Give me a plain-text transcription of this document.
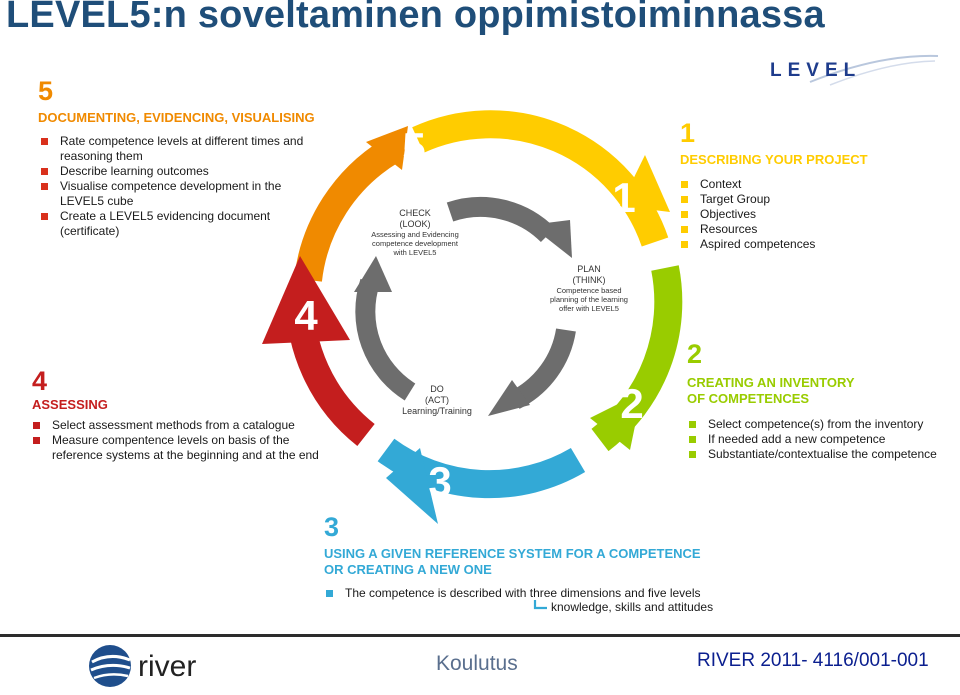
LEVEL5:n soveltaminen oppimistoiminnassa
LEVEL
5
1
2
3
4
CHECK
(LOOK)
Assessing and Evidencing competence development with LEVEL5
PLAN
(THINK)
Competence based planning of the learning offer with LEVEL5
DO
(ACT)
Learning/Training
5
DOCUMENTING, EVIDENCING, VISUALISING
Rate competence levels at different times and reasoning them
Describe learning outcomes
Visualise competence development in the LEVEL5 cube
Create a LEVEL5 evidencing document (certificate)
1
DESCRIBING YOUR PROJECT
Context
Target Group
Objectives
Resources
Aspired competences
2
CREATING AN INVENTORY
OF COMPETENCES
Select competence(s) from the inventory
If needed add a new competence
Substantiate/contextualise the competence
3
USING A GIVEN REFERENCE SYSTEM FOR A COMPETENCE
OR CREATING A NEW ONE
The competence is described with three dimensions and five levels
knowledge, skills and attitudes
4
ASSESSING
Select assessment methods from a catalogue
Measure compentence levels on basis of the reference systems at the beginning and at the end
river	Koulutus	RIVER 2011- 4116/001-001
